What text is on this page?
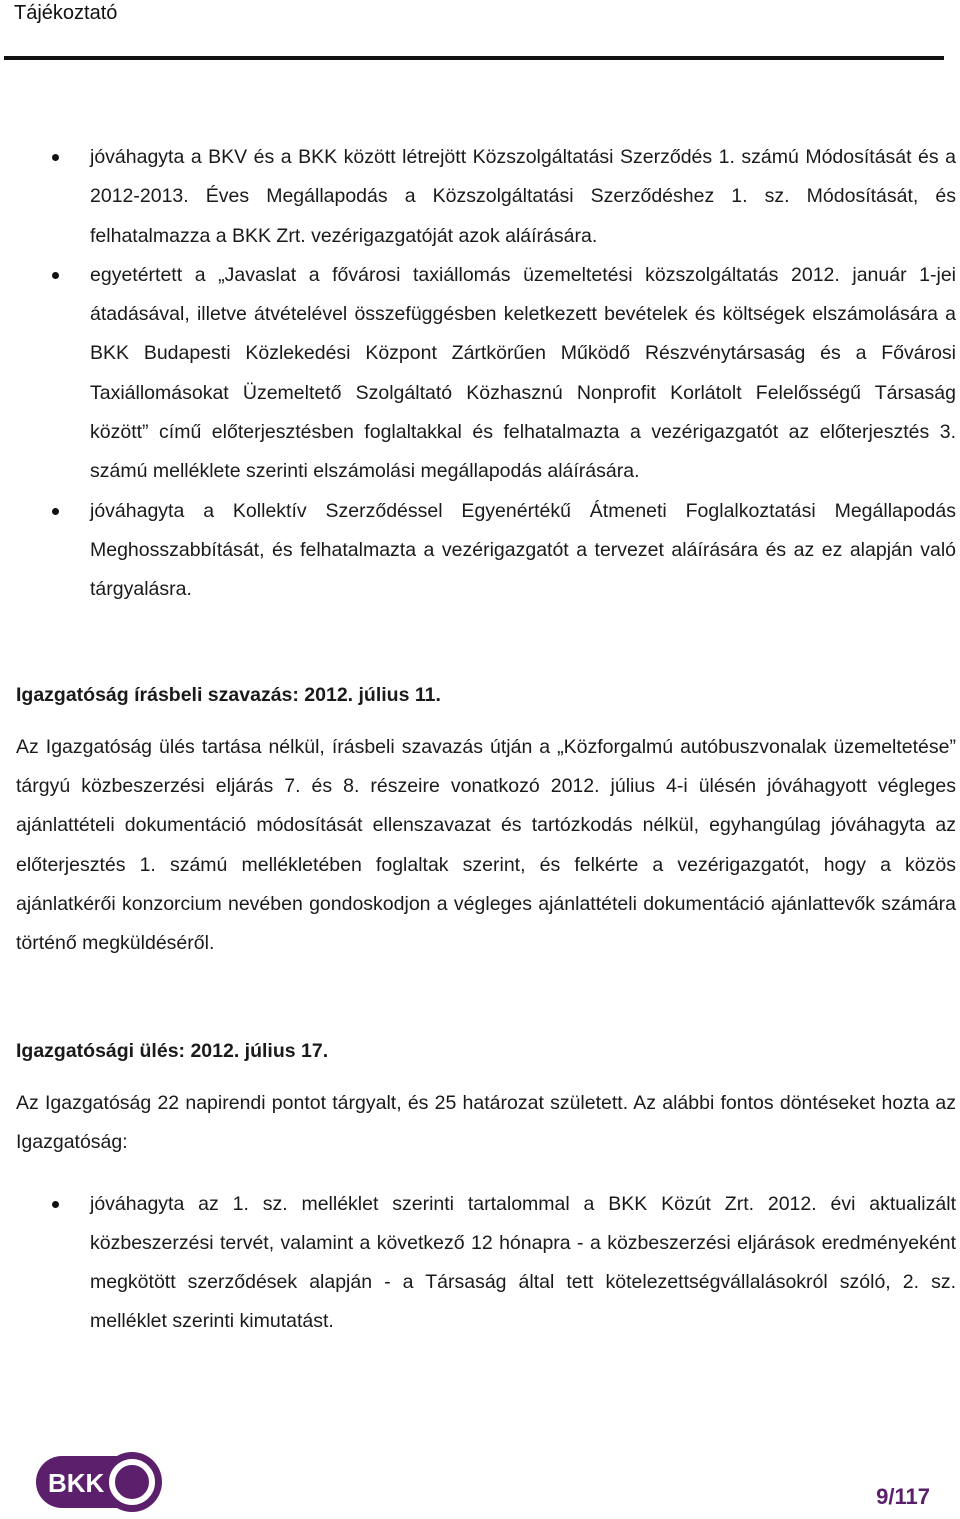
Tájékoztató
jóváhagyta a BKV és a BKK között létrejött Közszolgáltatási Szerződés 1. számú Módosítását és a 2012-2013. Éves Megállapodás a Közszolgáltatási Szerződéshez 1. sz. Módosítását, és felhatalmazza a BKK Zrt. vezérigazgatóját azok aláírására.
egyetértett a „Javaslat a fővárosi taxiállomás üzemeltetési közszolgáltatás 2012. január 1-jei átadásával, illetve átvételével összefüggésben keletkezett bevételek és költségek elszámolására a BKK Budapesti Közlekedési Központ Zártkörűen Működő Részvénytársaság és a Fővárosi Taxiállomásokat Üzemeltető Szolgáltató Közhasznú Nonprofit Korlátolt Felelősségű Társaság között” című előterjesztésben foglaltakkal és felhatalmazta a vezérigazgatót az előterjesztés 3. számú melléklete szerinti elszámolási megállapodás aláírására.
jóváhagyta a Kollektív Szerződéssel Egyenértékű Átmeneti Foglalkoztatási Megállapodás Meghosszabbítását, és felhatalmazta a vezérigazgatót a tervezet aláírására és az ez alapján való tárgyalásra.

Igazgatóság írásbeli szavazás: 2012. július 11.

Az Igazgatóság ülés tartása nélkül, írásbeli szavazás útján a „Közforgalmú autóbuszvonalak üzemeltetése” tárgyú közbeszerzési eljárás 7. és 8. részeire vonatkozó 2012. július 4-i ülésén jóváhagyott végleges ajánlattételi dokumentáció módosítását ellenszavazat és tartózkodás nélkül, egyhangúlag jóváhagyta az előterjesztés 1. számú mellékletében foglaltak szerint, és felkérte a vezérigazgatót, hogy a közös ajánlatkérői konzorcium nevében gondoskodjon a végleges ajánlattételi dokumentáció ajánlattevők számára történő megküldéséről.

Igazgatósági ülés: 2012. július 17.

Az Igazgatóság 22 napirendi pontot tárgyalt, és 25 határozat született. Az alábbi fontos döntéseket hozta az Igazgatóság:

jóváhagyta az 1. sz. melléklet szerinti tartalommal a BKK Közút Zrt. 2012. évi aktualizált közbeszerzési tervét, valamint a következő 12 hónapra - a közbeszerzési eljárások eredményeként megkötött szerződések alapján - a Társaság által tett kötelezettségvállalásokról szóló, 2. sz. melléklet szerinti kimutatást.
BKK	9/117
